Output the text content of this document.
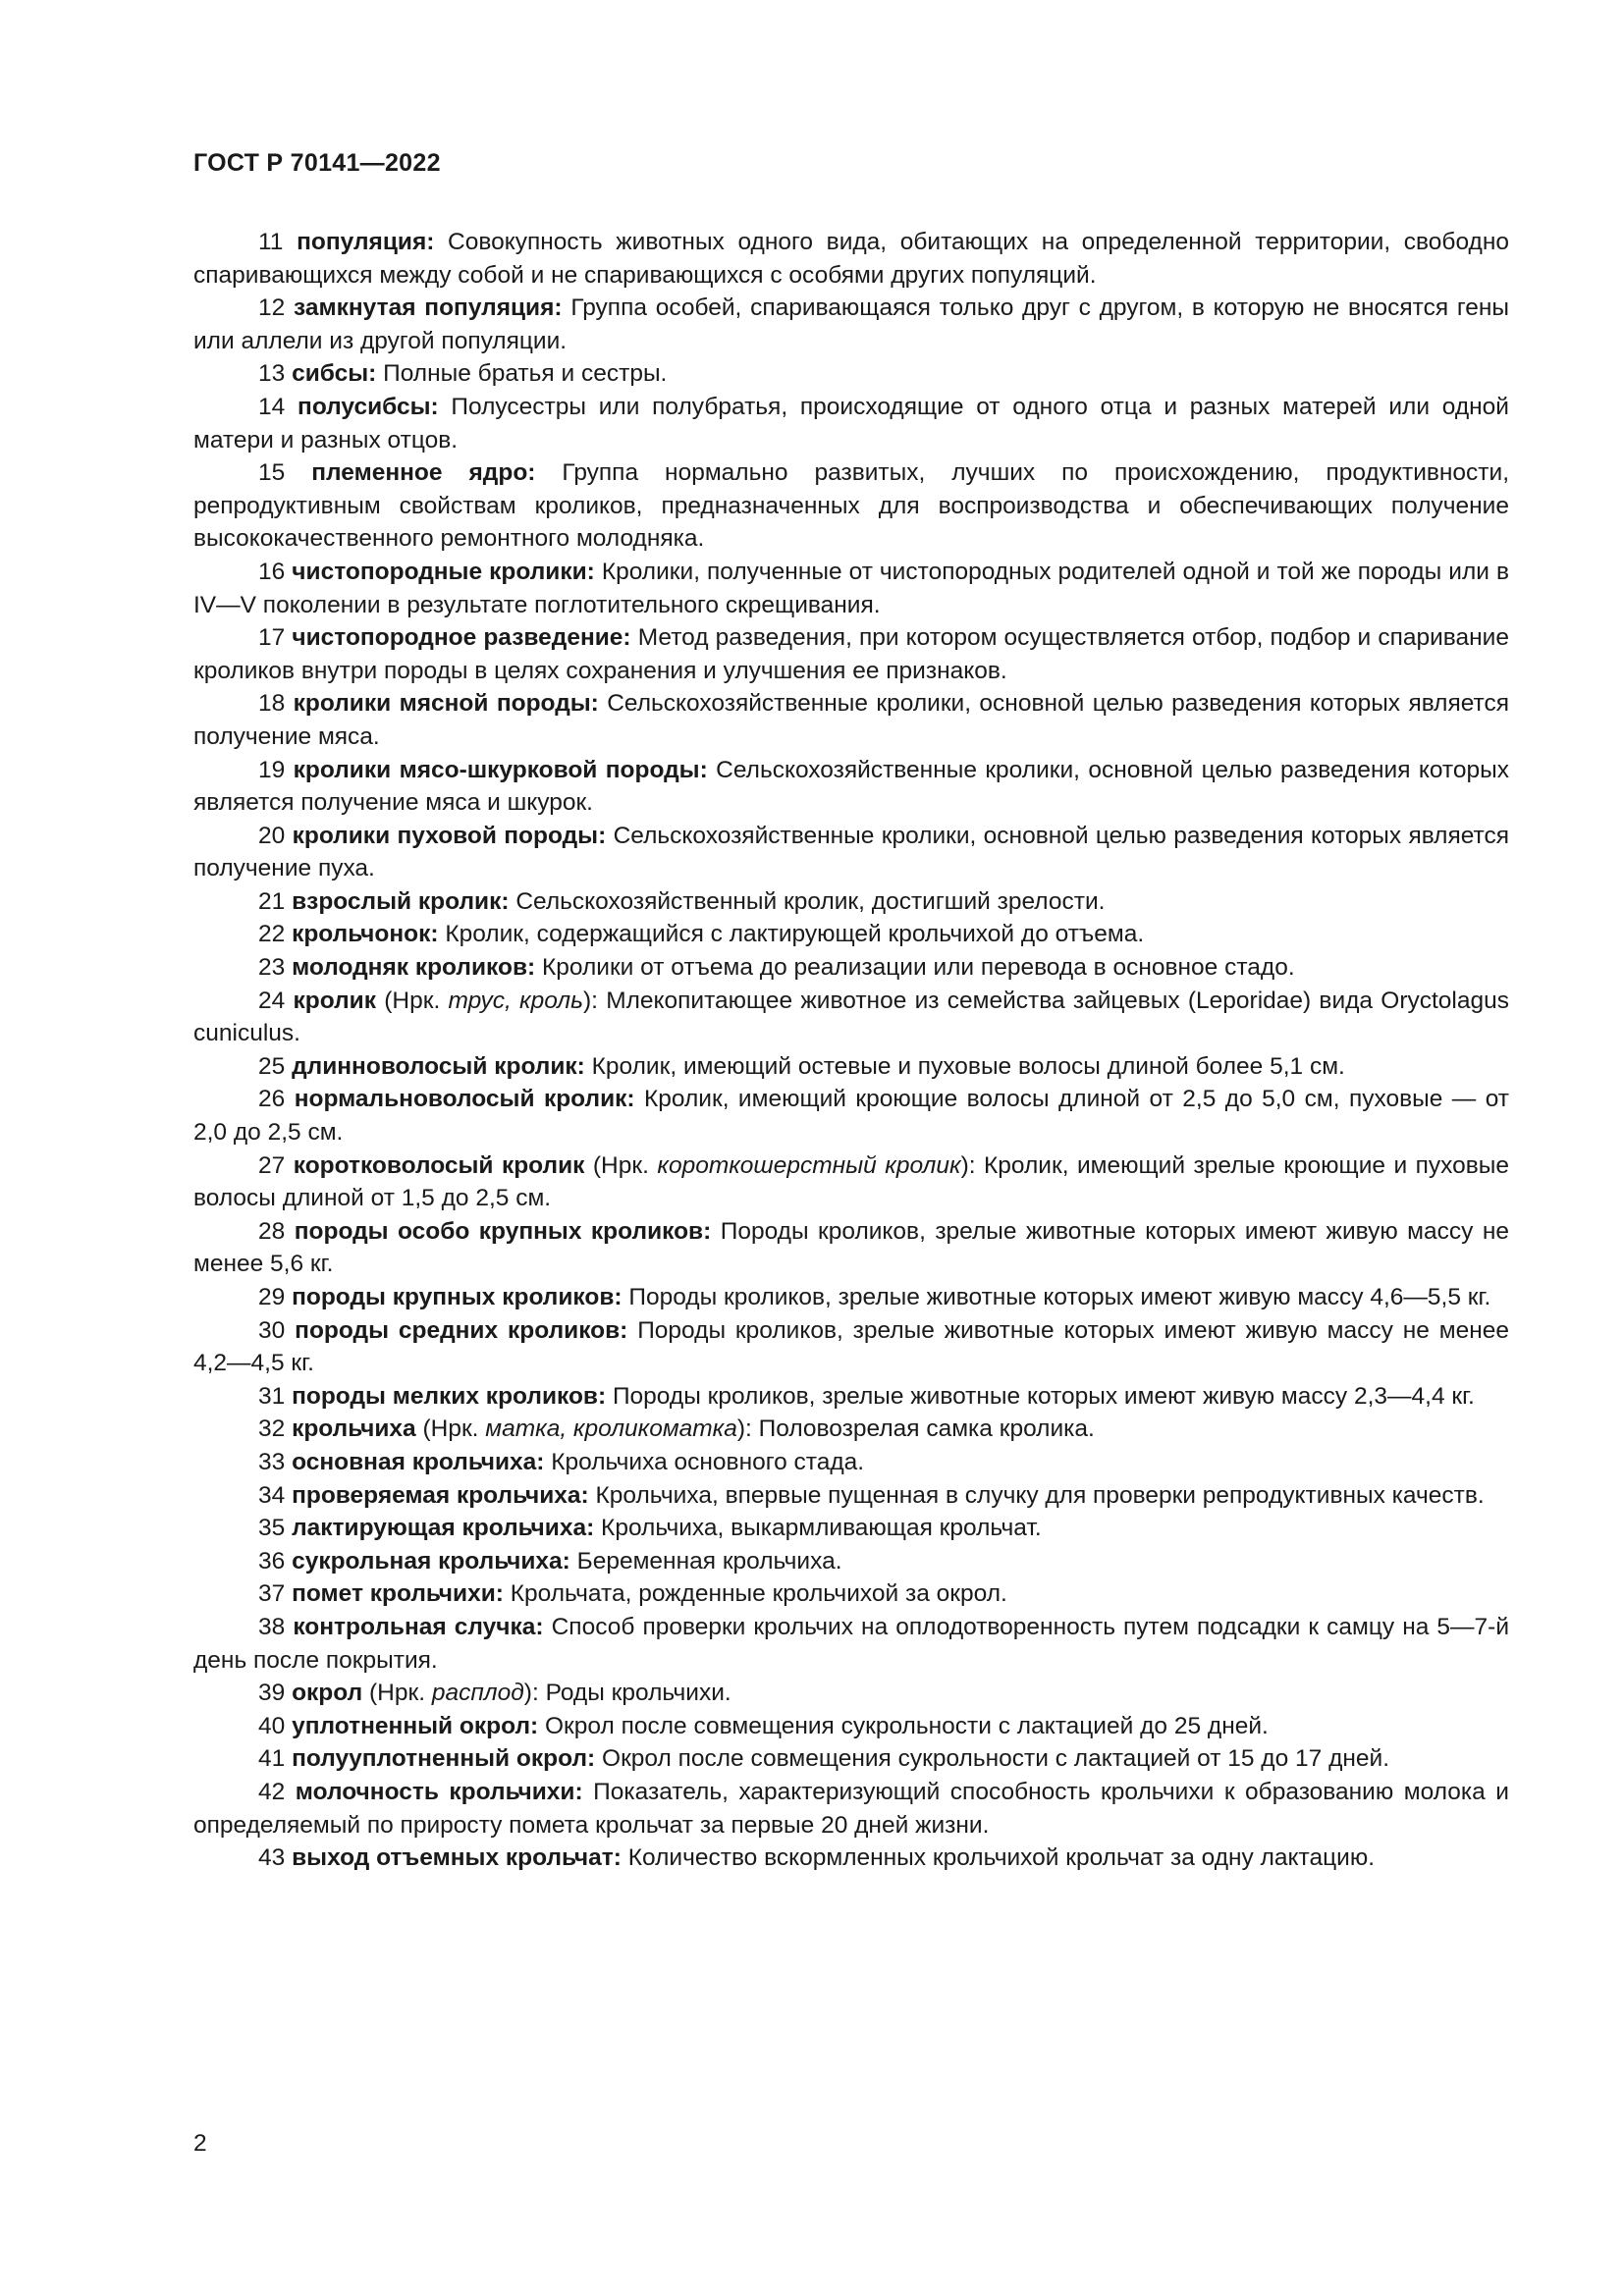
ГОСТ Р 70141—2022

11 популяция: Совокупность животных одного вида, обитающих на определенной территории, свободно спаривающихся между собой и не спаривающихся с особями других популяций.

12 замкнутая популяция: Группа особей, спаривающаяся только друг с другом, в которую не вносятся гены или аллели из другой популяции.

13 сибсы: Полные братья и сестры.

14 полусибсы: Полусестры или полубратья, происходящие от одного отца и разных матерей или одной матери и разных отцов.

15 племенное ядро: Группа нормально развитых, лучших по происхождению, продуктивности, репродуктивным свойствам кроликов, предназначенных для воспроизводства и обеспечивающих получение высококачественного ремонтного молодняка.

16 чистопородные кролики: Кролики, полученные от чистопородных родителей одной и той же породы или в IV—V поколении в результате поглотительного скрещивания.

17 чистопородное разведение: Метод разведения, при котором осуществляется отбор, подбор и спаривание кроликов внутри породы в целях сохранения и улучшения ее признаков.

18 кролики мясной породы: Сельскохозяйственные кролики, основной целью разведения которых является получение мяса.

19 кролики мясо-шкурковой породы: Сельскохозяйственные кролики, основной целью разведения которых является получение мяса и шкурок.

20 кролики пуховой породы: Сельскохозяйственные кролики, основной целью разведения которых является получение пуха.

21 взрослый кролик: Сельскохозяйственный кролик, достигший зрелости.

22 крольчонок: Кролик, содержащийся с лактирующей крольчихой до отъема.

23 молодняк кроликов: Кролики от отъема до реализации или перевода в основное стадо.

24 кролик (Нрк. трус, кроль): Млекопитающее животное из семейства зайцевых (Leporidae) вида Oryctolagus cuniculus.

25 длинноволосый кролик: Кролик, имеющий остевые и пуховые волосы длиной более 5,1 см.

26 нормальноволосый кролик: Кролик, имеющий кроющие волосы длиной от 2,5 до 5,0 см, пуховые — от 2,0 до 2,5 см.

27 коротковолосый кролик (Нрк. короткошерстный кролик): Кролик, имеющий зрелые кроющие и пуховые волосы длиной от 1,5 до 2,5 см.

28 породы особо крупных кроликов: Породы кроликов, зрелые животные которых имеют живую массу не менее 5,6 кг.

29 породы крупных кроликов: Породы кроликов, зрелые животные которых имеют живую массу 4,6—5,5 кг.

30 породы средних кроликов: Породы кроликов, зрелые животные которых имеют живую массу не менее 4,2—4,5 кг.

31 породы мелких кроликов: Породы кроликов, зрелые животные которых имеют живую массу 2,3—4,4 кг.

32 крольчиха (Нрк. матка, кроликоматка): Половозрелая самка кролика.

33 основная крольчиха: Крольчиха основного стада.

34 проверяемая крольчиха: Крольчиха, впервые пущенная в случку для проверки репродуктивных качеств.

35 лактирующая крольчиха: Крольчиха, выкармливающая крольчат.

36 сукрольная крольчиха: Беременная крольчиха.

37 помет крольчихи: Крольчата, рожденные крольчихой за окрол.

38 контрольная случка: Способ проверки крольчих на оплодотворенность путем подсадки к самцу на 5—7-й день после покрытия.

39 окрол (Нрк. расплод): Роды крольчихи.

40 уплотненный окрол: Окрол после совмещения сукрольности с лактацией до 25 дней.

41 полууплотненный окрол: Окрол после совмещения сукрольности с лактацией от 15 до 17 дней.

42 молочность крольчихи: Показатель, характеризующий способность крольчихи к образованию молока и определяемый по приросту помета крольчат за первые 20 дней жизни.

43 выход отъемных крольчат: Количество вскормленных крольчихой крольчат за одну лактацию.

2
